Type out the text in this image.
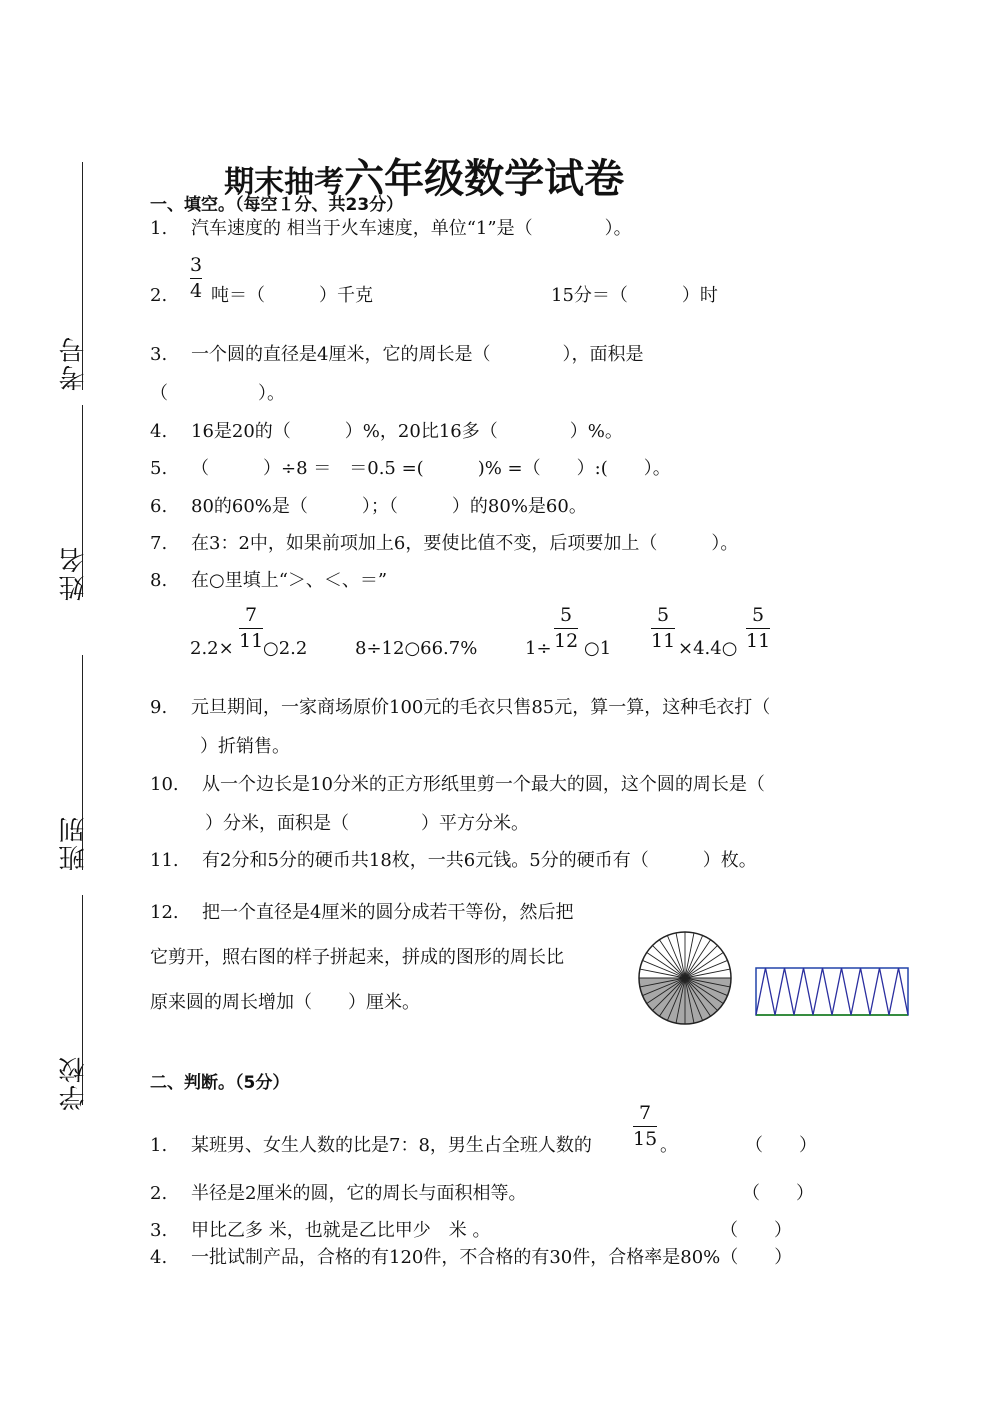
考号
姓名
班别
学校

期末抽考六年级数学试卷

一、填空。（每空１分、共23分）
1. 汽车速度的 相当于火车速度，单位“1”是（　　　　）。
2.
3
4 吨＝（　　　）千克	15分＝（　　　）时
3. 一个圆的直径是4厘米，它的周长是（　　　　），面积是
（　　　　　）。
4. 16是20的（　　　）%，20比16多（　　　　）%。
5. （　　　）÷8 ＝　＝0.5 =(　　　)% =（　　）:(　　）。
6. 80的60%是（　　　）；（　　　）的80%是60。
7. 在3：2中，如果前项加上6，要使比值不变，后项要加上（　　　）。
8. 在○里填上“＞、＜、＝”
2.2×
7
11 ○2.2	8÷12○66.7%	1÷
5
12 ○1
5
11 ×4.4○
5
11
9. 元旦期间，一家商场原价100元的毛衣只售85元，算一算，这种毛衣打（
）折销售。
10. 从一个边长是10分米的正方形纸里剪一个最大的圆，这个圆的周长是（
）分米，面积是（　　　　）平方分米。
11. 有2分和5分的硬币共18枚，一共6元钱。5分的硬币有（　　　）枚。
12. 把一个直径是4厘米的圆分成若干等份，然后把
它剪开，照右图的样子拼起来，拼成的图形的周长比
原来圆的周长增加（　　）厘米。
二、判断。（5分）
1. 某班男、女生人数的比是7：8，男生占全班人数的
7
15 。	（　　）
2. 半径是2厘米的圆，它的周长与面积相等。	（　　）
3. 甲比乙多 米，也就是乙比甲少　米 。	（　　）
4. 一批试制产品，合格的有120件，不合格的有30件，合格率是80%（　　）
